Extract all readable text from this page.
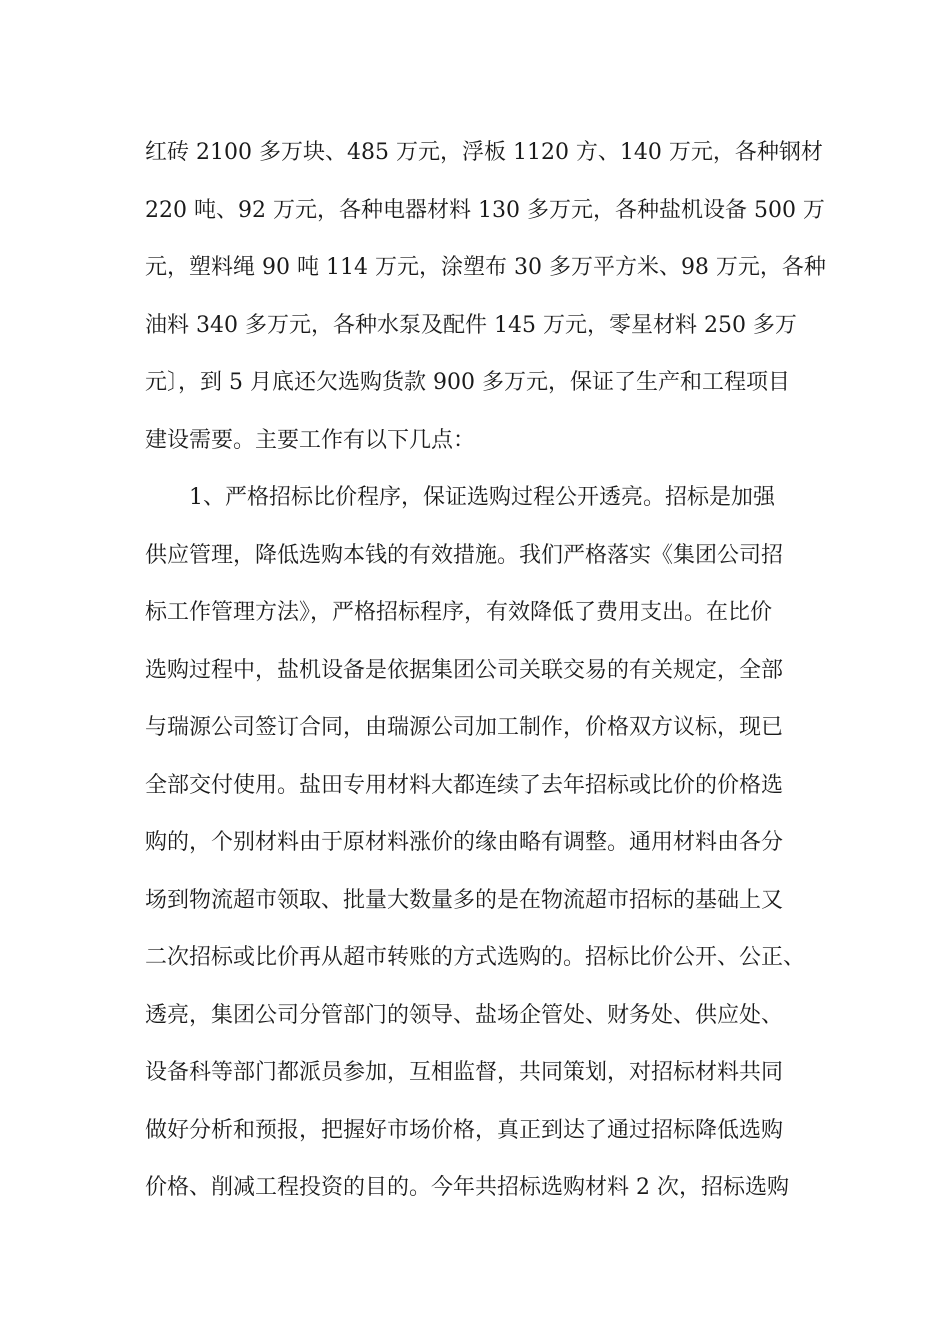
红砖 2100 多万块、485 万元，浮板 1120 方、140 万元，各种钢材
220 吨、92 万元，各种电器材料 130 多万元，各种盐机设备 500 万
元，塑料绳 90 吨 114 万元，涂塑布 30 多万平方米、98 万元，各种
油料 340 多万元，各种水泵及配件 145 万元，零星材料 250 多万
元〕，到 5 月底还欠选购货款 900 多万元，保证了生产和工程项目
建设需要。主要工作有以下几点：
1、严格招标比价程序，保证选购过程公开透亮。招标是加强
供应管理，降低选购本钱的有效措施。我们严格落实《集团公司招
标工作管理方法》，严格招标程序，有效降低了费用支出。在比价
选购过程中，盐机设备是依据集团公司关联交易的有关规定，全部
与瑞源公司签订合同，由瑞源公司加工制作，价格双方议标，现已
全部交付使用。盐田专用材料大都连续了去年招标或比价的价格选
购的，个别材料由于原材料涨价的缘由略有调整。通用材料由各分
场到物流超市领取、批量大数量多的是在物流超市招标的基础上又
二次招标或比价再从超市转账的方式选购的。招标比价公开、公正、
透亮，集团公司分管部门的领导、盐场企管处、财务处、供应处、
设备科等部门都派员参加，互相监督，共同策划，对招标材料共同
做好分析和预报，把握好市场价格，真正到达了通过招标降低选购
价格、削减工程投资的目的。今年共招标选购材料 2 次，招标选购
